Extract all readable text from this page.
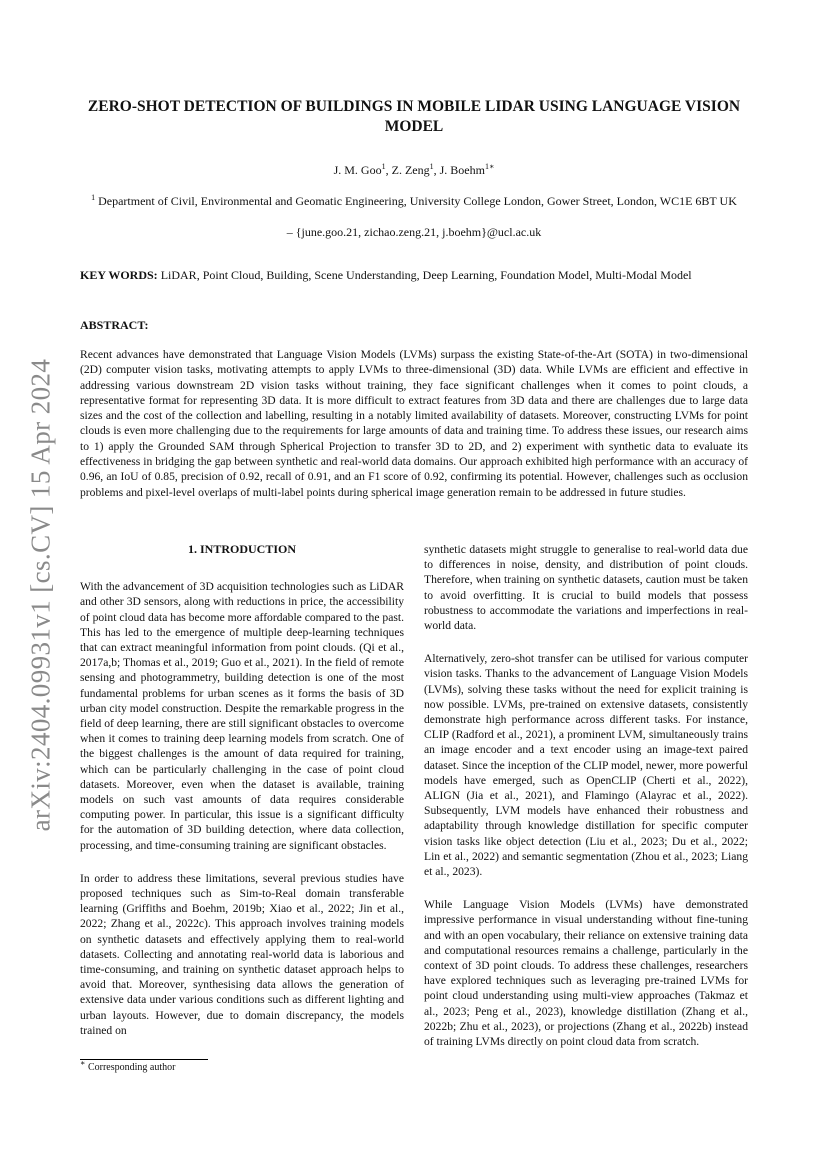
arXiv:2404.09931v1 [cs.CV] 15 Apr 2024
ZERO-SHOT DETECTION OF BUILDINGS IN MOBILE LIDAR USING LANGUAGE VISION MODEL
J. M. Goo$^1$, Z. Zeng$^1$, J. Boehm$^{1∗}$
$^1$ Department of Civil, Environmental and Geomatic Engineering, University College London, Gower Street, London, WC1E 6BT UK
– {june.goo.21, zichao.zeng.21, j.boehm}@ucl.ac.uk
KEY WORDS: LiDAR, Point Cloud, Building, Scene Understanding, Deep Learning, Foundation Model, Multi-Modal Model
ABSTRACT:
Recent advances have demonstrated that Language Vision Models (LVMs) surpass the existing State-of-the-Art (SOTA) in two-dimensional (2D) computer vision tasks, motivating attempts to apply LVMs to three-dimensional (3D) data. While LVMs are efficient and effective in addressing various downstream 2D vision tasks without training, they face significant challenges when it comes to point clouds, a representative format for representing 3D data. It is more difficult to extract features from 3D data and there are challenges due to large data sizes and the cost of the collection and labelling, resulting in a notably limited availability of datasets. Moreover, constructing LVMs for point clouds is even more challenging due to the requirements for large amounts of data and training time. To address these issues, our research aims to 1) apply the Grounded SAM through Spherical Projection to transfer 3D to 2D, and 2) experiment with synthetic data to evaluate its effectiveness in bridging the gap between synthetic and real-world data domains. Our approach exhibited high performance with an accuracy of 0.96, an IoU of 0.85, precision of 0.92, recall of 0.91, and an F1 score of 0.92, confirming its potential. However, challenges such as occlusion problems and pixel-level overlaps of multi-label points during spherical image generation remain to be addressed in future studies.
1. INTRODUCTION

With the advancement of 3D acquisition technologies such as LiDAR and other 3D sensors, along with reductions in price, the accessibility of point cloud data has become more affordable compared to the past. This has led to the emergence of multiple deep-learning techniques that can extract meaningful information from point clouds. (Qi et al., 2017a,b; Thomas et al., 2019; Guo et al., 2021). In the field of remote sensing and photogrammetry, building detection is one of the most fundamental problems for urban scenes as it forms the basis of 3D urban city model construction. Despite the remarkable progress in the field of deep learning, there are still significant obstacles to overcome when it comes to training deep learning models from scratch. One of the biggest challenges is the amount of data required for training, which can be particularly challenging in the case of point cloud datasets. Moreover, even when the dataset is available, training models on such vast amounts of data requires considerable computing power. In particular, this issue is a significant difficulty for the automation of 3D building detection, where data collection, processing, and time-consuming training are significant obstacles.

In order to address these limitations, several previous studies have proposed techniques such as Sim-to-Real domain transferable learning (Griffiths and Boehm, 2019b; Xiao et al., 2022; Jin et al., 2022; Zhang et al., 2022c). This approach involves training models on synthetic datasets and effectively applying them to real-world datasets. Collecting and annotating real-world data is laborious and time-consuming, and training on synthetic dataset approach helps to avoid that. Moreover, synthesising data allows the generation of extensive data under various conditions such as different lighting and urban layouts. However, due to domain discrepancy, the models trained on

synthetic datasets might struggle to generalise to real-world data due to differences in noise, density, and distribution of point clouds. Therefore, when training on synthetic datasets, caution must be taken to avoid overfitting. It is crucial to build models that possess robustness to accommodate the variations and imperfections in real-world data.

Alternatively, zero-shot transfer can be utilised for various computer vision tasks. Thanks to the advancement of Language Vision Models (LVMs), solving these tasks without the need for explicit training is now possible. LVMs, pre-trained on extensive datasets, consistently demonstrate high performance across different tasks. For instance, CLIP (Radford et al., 2021), a prominent LVM, simultaneously trains an image encoder and a text encoder using an image-text paired dataset. Since the inception of the CLIP model, newer, more powerful models have emerged, such as OpenCLIP (Cherti et al., 2022), ALIGN (Jia et al., 2021), and Flamingo (Alayrac et al., 2022). Subsequently, LVM models have enhanced their robustness and adaptability through knowledge distillation for specific computer vision tasks like object detection (Liu et al., 2023; Du et al., 2022; Lin et al., 2022) and semantic segmentation (Zhou et al., 2023; Liang et al., 2023).

While Language Vision Models (LVMs) have demonstrated impressive performance in visual understanding without fine-tuning and with an open vocabulary, their reliance on extensive training data and computational resources remains a challenge, particularly in the context of 3D point clouds. To address these challenges, researchers have explored techniques such as leveraging pre-trained LVMs for point cloud understanding using multi-view approaches (Takmaz et al., 2023; Peng et al., 2023), knowledge distillation (Zhang et al., 2022b; Zhu et al., 2023), or projections (Zhang et al., 2022b) instead of training LVMs directly on point cloud data from scratch.

∗ Corresponding author
